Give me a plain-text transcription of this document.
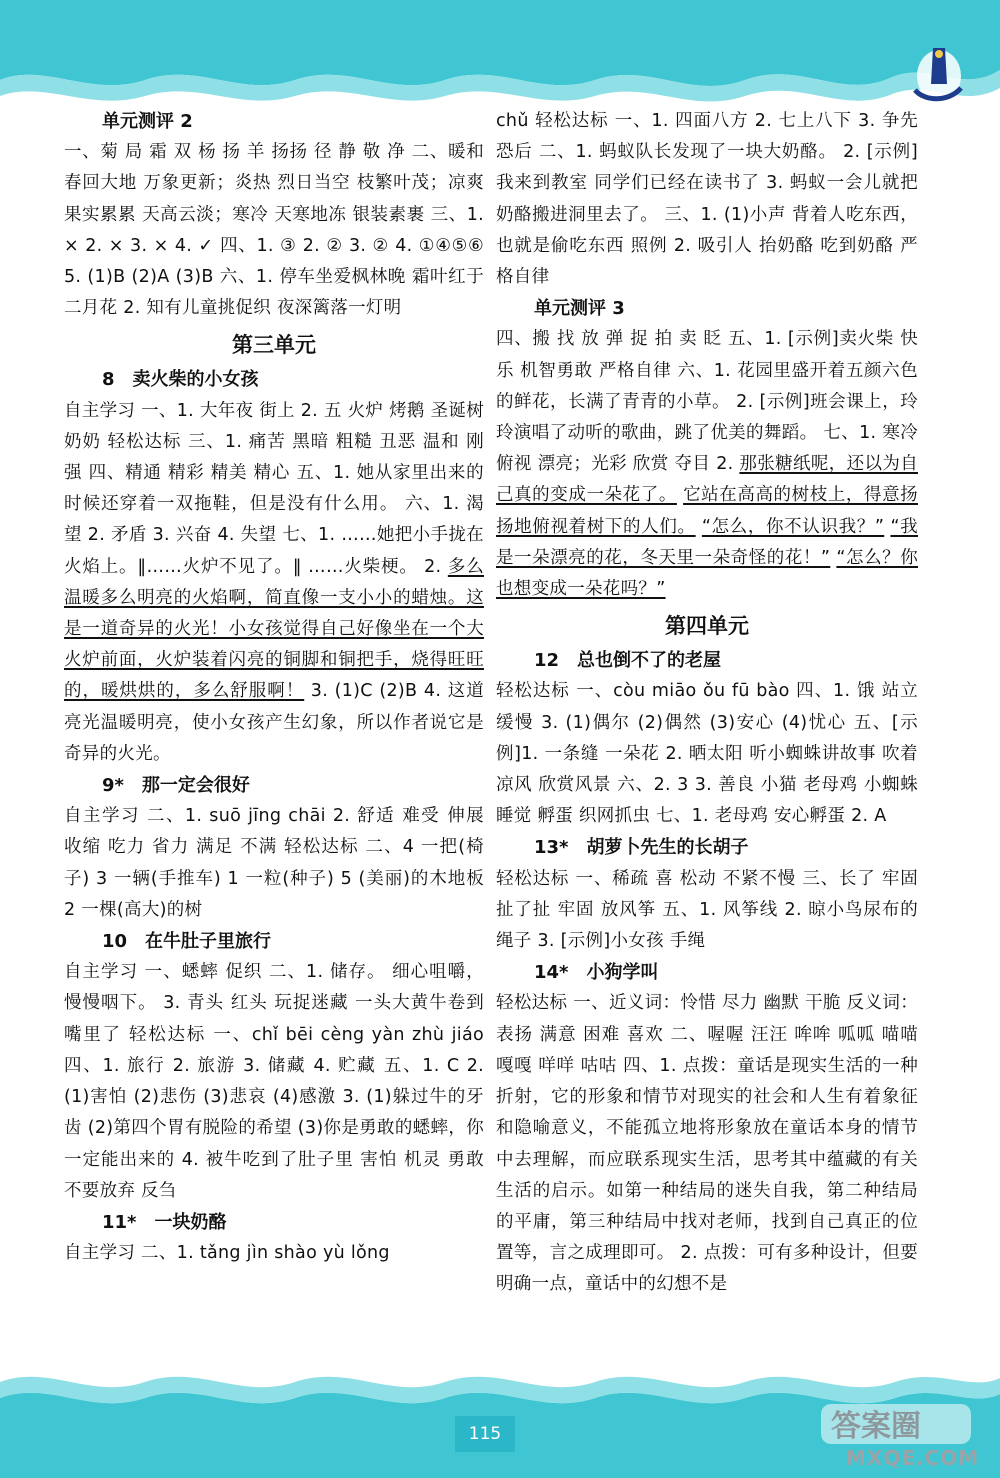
单元测评 2

一、菊 局 霜 双 杨 扬 羊 扬扬 径 静 敬 净 二、暖和 春回大地 万象更新；炎热 烈日当空 枝繁叶茂；凉爽 果实累累 天高云淡；寒冷 天寒地冻 银装素裹 三、1. × 2. × 3. × 4. ✓ 四、1. ③ 2. ② 3. ② 4. ①④⑤⑥ 5. (1)B (2)A (3)B 六、1. 停车坐爱枫林晚 霜叶红于二月花 2. 知有儿童挑促织 夜深篱落一灯明

第三单元

8　卖火柴的小女孩

自主学习 一、1. 大年夜 街上 2. 五 火炉 烤鹅 圣诞树 奶奶 轻松达标 三、1. 痛苦 黑暗 粗糙 丑恶 温和 刚强 四、精通 精彩 精美 精心 五、1. 她从家里出来的时候还穿着一双拖鞋，但是没有什么用。 六、1. 渴望 2. 矛盾 3. 兴奋 4. 失望 七、1. ……她把小手拢在火焰上。‖……火炉不见了。‖ ……火柴梗。 2. 多么温暖多么明亮的火焰啊，简直像一支小小的蜡烛。这是一道奇异的火光！小女孩觉得自己好像坐在一个大火炉前面，火炉装着闪亮的铜脚和铜把手，烧得旺旺的，暖烘烘的，多么舒服啊！ 3. (1)C (2)B 4. 这道亮光温暖明亮，使小女孩产生幻象，所以作者说它是奇异的火光。

9*　那一定会很好

自主学习 二、1. suō jīng chāi 2. 舒适 难受 伸展 收缩 吃力 省力 满足 不满 轻松达标 二、4 一把(椅子) 3 一辆(手推车) 1 一粒(种子) 5 (美丽)的木地板 2 一棵(高大)的树

10　在牛肚子里旅行

自主学习 一、蟋蟀 促织 二、1. 储存。 细心咀嚼，慢慢咽下。 3. 青头 红头 玩捉迷藏 一头大黄牛卷到嘴里了 轻松达标 一、chǐ bēi cèng yàn zhù jiáo 四、1. 旅行 2. 旅游 3. 储藏 4. 贮藏 五、1. C 2. (1)害怕 (2)悲伤 (3)悲哀 (4)感激 3. (1)躲过牛的牙齿 (2)第四个胃有脱险的希望 (3)你是勇敢的蟋蟀，你一定能出来的 4. 被牛吃到了肚子里 害怕 机灵 勇敢 不要放弃 反刍

11*　一块奶酪

自主学习 二、1. tǎng jìn shào yù lǒng

chǔ 轻松达标 一、1. 四面八方 2. 七上八下 3. 争先恐后 二、1. 蚂蚁队长发现了一块大奶酪。 2. [示例]我来到教室 同学们已经在读书了 3. 蚂蚁一会儿就把奶酪搬进洞里去了。 三、1. (1)小声 背着人吃东西，也就是偷吃东西 照例 2. 吸引人 抬奶酪 吃到奶酪 严格自律

单元测评 3

四、搬 找 放 弹 捉 拍 卖 眨 五、1. [示例]卖火柴 快乐 机智勇敢 严格自律 六、1. 花园里盛开着五颜六色的鲜花，长满了青青的小草。 2. [示例]班会课上，玲玲演唱了动听的歌曲，跳了优美的舞蹈。 七、1. 寒冷 俯视 漂亮；光彩 欣赏 夺目 2. 那张糖纸呢，还以为自己真的变成一朵花了。 它站在高高的树枝上，得意扬扬地俯视着树下的人们。 “怎么，你不认识我？” “我是一朵漂亮的花，冬天里一朵奇怪的花！” “怎么？你也想变成一朵花吗？”

第四单元

12　总也倒不了的老屋

轻松达标 一、còu miāo ǒu fū bào 四、1. 饿 站立 缓慢 3. (1)偶尔 (2)偶然 (3)安心 (4)忧心 五、[示例]1. 一条缝 一朵花 2. 晒太阳 听小蜘蛛讲故事 吹着凉风 欣赏风景 六、2. 3 3. 善良 小猫 老母鸡 小蜘蛛 睡觉 孵蛋 织网抓虫 七、1. 老母鸡 安心孵蛋 2. A

13*　胡萝卜先生的长胡子

轻松达标 一、稀疏 喜 松动 不紧不慢 三、长了 牢固 扯了扯 牢固 放风筝 五、1. 风筝线 2. 晾小鸟尿布的绳子 3. [示例]小女孩 手绳

14*　小狗学叫

轻松达标 一、近义词：怜惜 尽力 幽默 干脆 反义词：表扬 满意 困难 喜欢 二、喔喔 汪汪 哞哞 呱呱 喵喵 嘎嘎 咩咩 咕咕 四、1. 点拨：童话是现实生活的一种折射，它的形象和情节对现实的社会和人生有着象征和隐喻意义，不能孤立地将形象放在童话本身的情节中去理解，而应联系现实生活，思考其中蕴藏的有关生活的启示。如第一种结局的迷失自我，第二种结局的平庸，第三种结局中找对老师，找到自己真正的位置等，言之成理即可。 2. 点拨：可有多种设计，但要明确一点，童话中的幻想不是

115	答案圈
MXQE.COM
